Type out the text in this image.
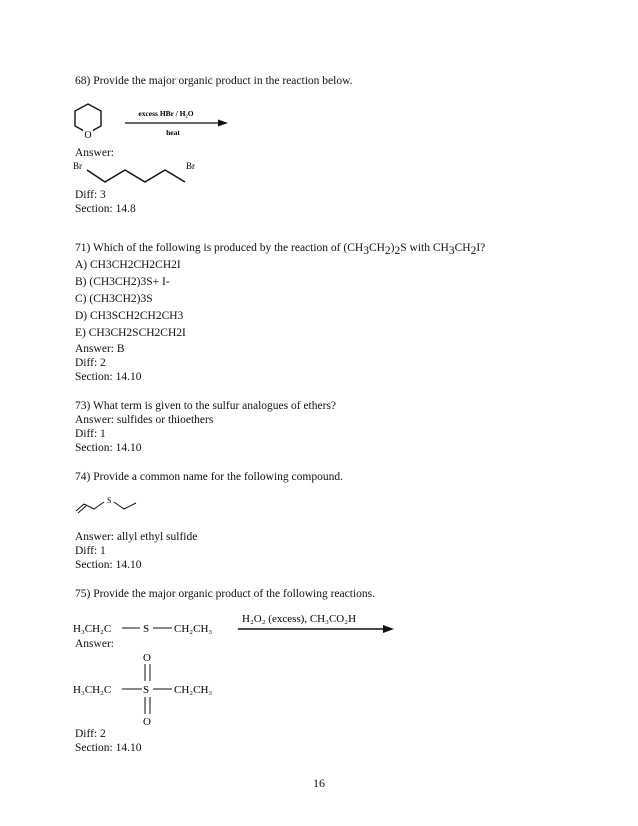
68) Provide the major organic product in the reaction below.
O
excess HBr / H₂O
heat
Answer:
Br	Br
Diff: 3
Section: 14.8
71) Which of the following is produced by the reaction of $(CH_3CH_2)_2S$ with $CH_3CH_2I$?
A) CH3CH2CH2CH2I
B) (CH3CH2)3S+ I-
C) (CH3CH2)3S
D) CH3SCH2CH2CH3
E) CH3CH2SCH2CH2I
Answer: B
Diff: 2
Section: 14.10
73) What term is given to the sulfur analogues of ethers?
Answer: sulfides or thioethers
Diff: 1
Section: 14.10
74) Provide a common name for the following compound.
S
Answer: allyl ethyl sulfide
Diff: 1
Section: 14.10
75) Provide the major organic product of the following reactions.
H₃CH₂C	S CH₂CH₃
H₂O₂ (excess), CH₃CO₂H
Answer:
O
H₃CH₂C	S CH₂CH₃
O
Diff: 2
Section: 14.10
16
